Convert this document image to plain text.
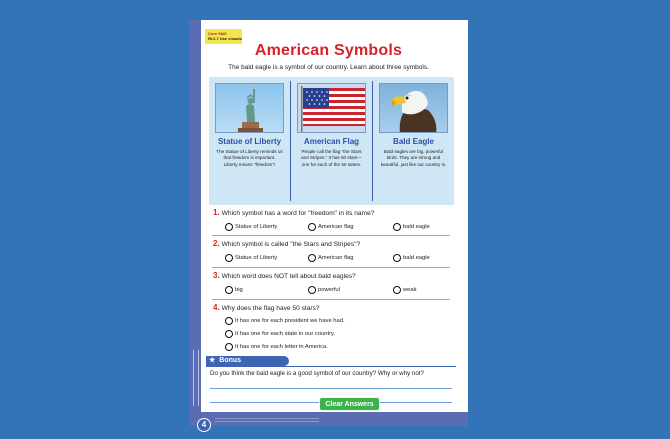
Core Skill
RI.2.7 Use visuals
American Symbols
The bald eagle is a symbol of our country. Learn about three symbols.
Statue of Liberty
The Statue of Liberty reminds us that freedom is important. Liberty means "freedom"!
American Flag
People call the flag "the Stars and Stripes." It has 50 stars—one for each of the 50 states.
Bald Eagle
Bald eagles are big, powerful birds. They are strong and beautiful, just like our country is.
1. Which symbol has a word for "freedom" in its name?
Statue of Liberty	American flag	bald eagle
2. Which symbol is called "the Stars and Stripes"?
Statue of Liberty	American flag	bald eagle
3. Which word does NOT tell about bald eagles?
big	powerful	weak
4. Why does the flag have 50 stars?
It has one for each president we have had.
It has one for each state in our country.
It has one for each letter in America.
★ Bonus
Do you think the bald eagle is a good symbol of our country? Why or why not?
4
Clear Answers
